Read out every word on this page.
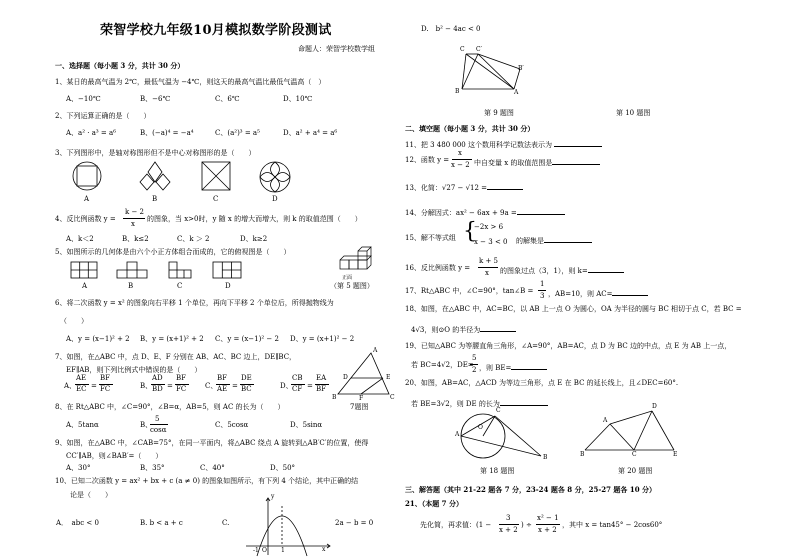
荣智学校九年级10月模拟数学阶段测试
命题人：荣智学校数学组
一、选择题（每小题 3 分，共计 30 分）
1、某日的最高气温为 2℃，最低气温为 −4℃，则这天的最高气温比最低气温高（　）
A、−10℃	B、−6℃	C、6℃	D、10℃
2、下列运算正确的是（　　）
A、a² · a³ = a⁶	B、(−a)⁴ = −a⁴	C、(a²)³ = a⁵	D、a² + a⁴ = a⁶
3、下列图形中，是轴对称图形但不是中心对称图形的是（　　）
A	B	C	D
4、反比例函数 y =
k − 2
x
的图象，当 x>0时，y 随 x 的增大而增大，则 k 的取值范围（　　）
A、k＜2	B、k≤2	C、k ＞ 2	D、k≥2
5、如图所示的几何体是由六个小正方体组合而成的，它的俯视图是（　　）
A	B	C	D
正面
（第 5 题图）
6、将二次函数 y = x² 的图象向右平移 1 个单位，再向下平移 2 个单位后，所得抛物线为
（　　）
A、y = (x−1)² + 2 B、y = (x+1)² + 2 C、y = (x−1)² − 2 D、y = (x+1)² − 2
7、如图，在△ABC 中，点 D、E、F 分别在 AB、AC、BC 边上，DE∥BC，
EF∥AB，则下列比例式中错误的是（　　）
A、
AE
EC =
BF
FC	B、
AD
BD =
BF
FC	C、
BF
AE =
DE
BC	D、
CB
CF =
EA
BF
A
D	E
B	F	C
7题图
8、在 Rt△ABC 中，∠C=90°，∠B=α，AB=5，则 AC 的长为（　　）
A、5tanα	B、
5
cosα
C、5cosα	D、5sinα
9、如图，在△ABC 中，∠CAB=75°，在同一平面内，将△ABC 绕点 A 旋转到△AB′C′的位置，使得
CC′∥AB，则∠BAB′=（　　）
A、30°	B、35°	C、40°	D、50°
10、已知二次函数 y = ax² + bx + c (a ≠ 0) 的图象如图所示，有下列 4 个结论，其中正确的结
论是（　　）
A．　abc < 0	B. b < a + c	C.	2a − b = 0
-1 O 1	x
y
D.　b² − 4ac < 0
C C′
B	A
B′
第 9 题图	第 10 题图
二、填空题（每小题 3 分，共计 30 分）
11、把 3 480 000 这个数用科学记数法表示为
12、函数 y =
x
x − 2 中自变量 x 的取值范围是
13、化简：√27 − √12 =
14、分解因式：ax² − 6ax + 9a =
15、解不等式组 {
−2x > 6
x − 3 < 0 的解集是
16、反比例函数 y =
k + 5
x 的图象过点（3，1），则 k=
17、Rt△ABC 中，∠C=90°，tan∠B =
1
3 ，AB=10，则 AC=
18、如图，在△ABC 中，AC=BC，以 AB 上一点 O 为圆心，OA 为半径的圆与 BC 相切于点 C，若 BC =
4√3，则⊙O 的半径为
19、已知△ABC 为等腰直角三角形，∠A=90°，AB=AC，点 D 为 BC 边的中点，点 E 为 AB 上一点，
若 BC=4√2，DE=
5
2 ，则 BE=
20、如图，AB=AC，△ACD 为等边三角形，点 E 在 BC 的延长线上，且∠DEC=60°.
若 BE=3√2，则 DE 的长为
A
O
B
C
第 18 题图
A
D
B	C	E
第 20 题图
三、解答题（其中 21-22 题各 7 分，23-24 题各 8 分，25-27 题各 10 分）
21、（本题 7 分）
先化简，再求值：(1 −
3
x + 2
) ÷
x² − 1
x + 2
，其中 x = tan45° − 2cos60°
